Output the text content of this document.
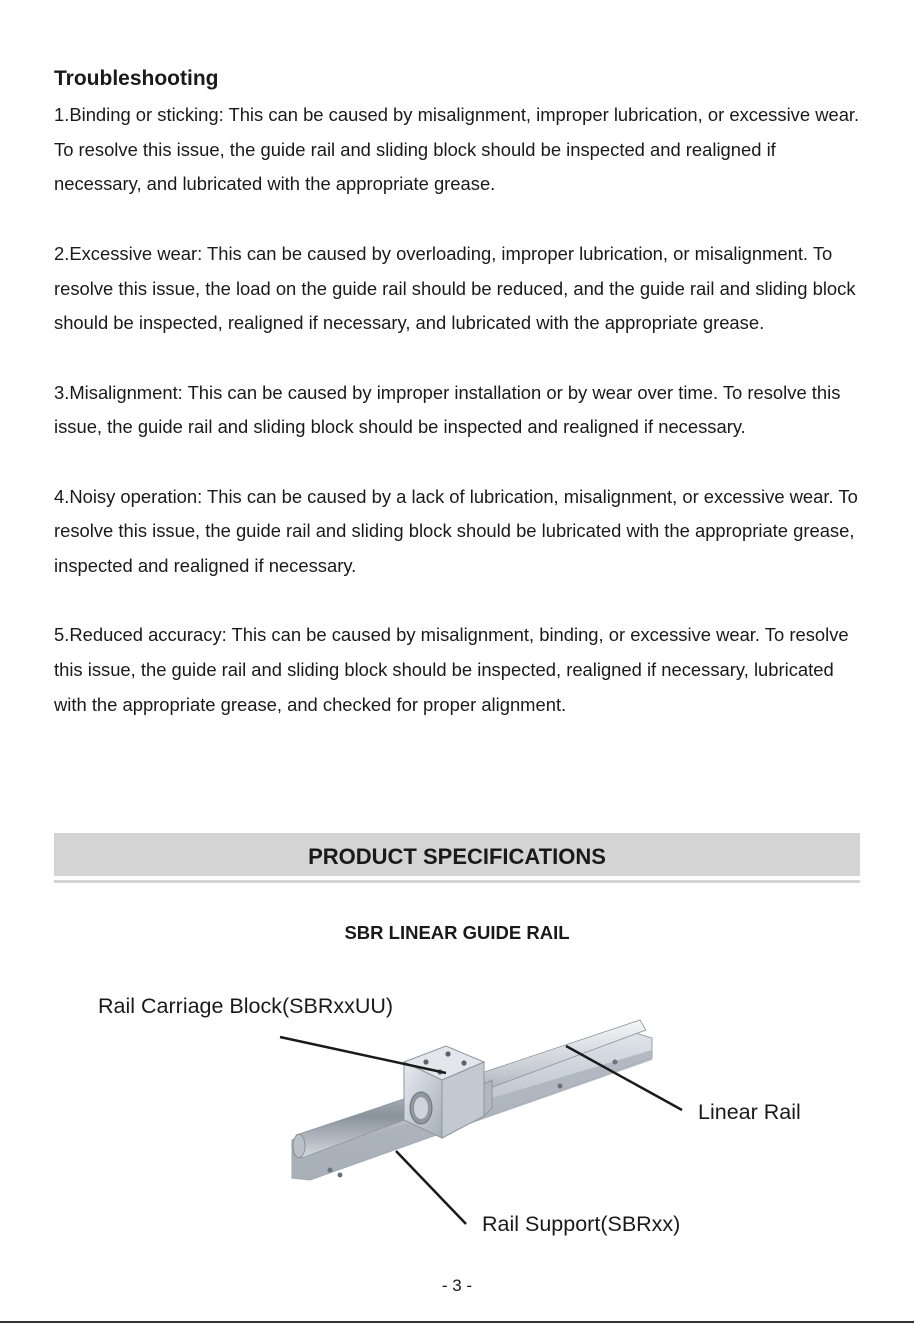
Troubleshooting

1.Binding or sticking: This can be caused by misalignment, improper lubrication, or excessive wear. To resolve this issue, the guide rail and sliding block should be inspected and realigned if necessary, and lubricated with the appropriate grease.

2.Excessive wear: This can be caused by overloading, improper lubrication, or misalignment. To resolve this issue, the load on the guide rail should be reduced, and the guide rail and sliding block should be inspected, realigned if necessary, and lubricated with the appropriate grease.

3.Misalignment: This can be caused by improper installation or by wear over time. To resolve this issue, the guide rail and sliding block should be inspected and realigned if necessary.

4.Noisy operation: This can be caused by a lack of lubrication, misalignment, or excessive wear. To resolve this issue, the guide rail and sliding block should be lubricated with the appropriate grease, inspected and realigned if necessary.

5.Reduced accuracy: This can be caused by misalignment, binding, or excessive wear. To resolve this issue, the guide rail and sliding block should be inspected, realigned if necessary, lubricated with the appropriate grease, and checked for proper alignment.

PRODUCT SPECIFICATIONS
SBR LINEAR GUIDE RAIL
Rail Carriage Block(SBRxxUU)
Linear Rail
Rail Support(SBRxx)
- 3 -
